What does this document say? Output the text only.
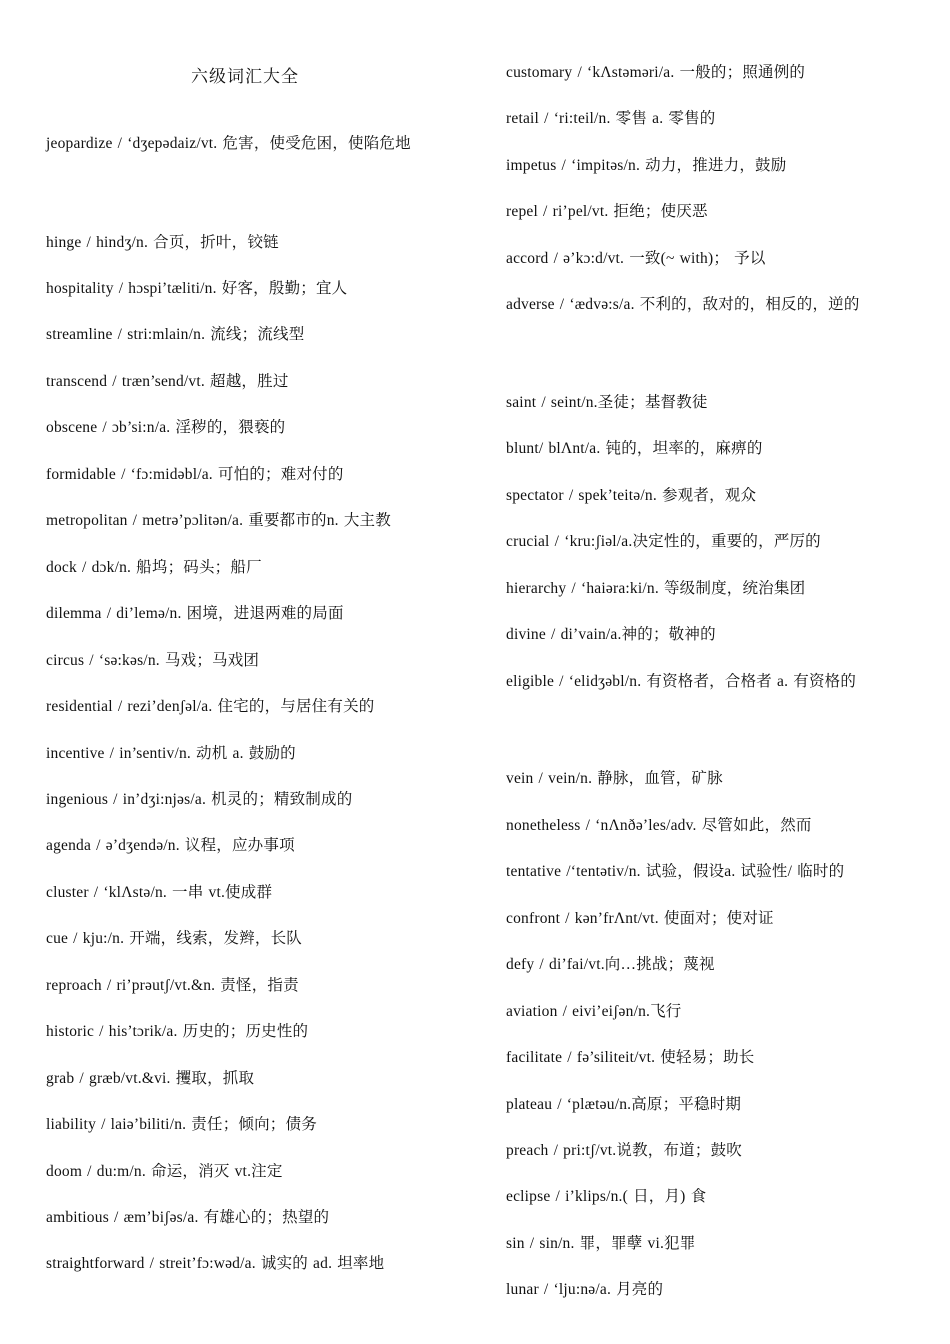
六级词汇大全
jeopardize / ‘dʒepədaiz/vt. 危害，使受危困，使陷危地
hinge / hindʒ/n. 合页，折叶，铰链
hospitality / hɔspi’tæliti/n. 好客，殷勤；宜人
streamline / stri:mlain/n. 流线；流线型
transcend / træn’send/vt. 超越，胜过
obscene / ɔb’si:n/a. 淫秽的，猥亵的
formidable / ‘fɔ:midəbl/a. 可怕的；难对付的
metropolitan / metrə’pɔlitən/a. 重要都市的n. 大主教
dock / dɔk/n. 船坞；码头；船厂
dilemma / di’lemə/n. 困境，进退两难的局面
circus / ‘sə:kəs/n. 马戏；马戏团
residential / rezi’denʃəl/a. 住宅的，与居住有关的
incentive / in’sentiv/n. 动机 a. 鼓励的
ingenious / in’dʒi:njəs/a. 机灵的；精致制成的
agenda / ə’dʒendə/n. 议程，应办事项
cluster / ‘klΛstə/n. 一串 vt.使成群
cue / kju:/n. 开端，线索，发辫，长队
reproach / ri’prəutʃ/vt.&n. 责怪，指责
historic / his’tɔrik/a. 历史的；历史性的
grab / græb/vt.&vi. 攫取，抓取
liability / laiə’biliti/n. 责任；倾向；债务
doom / du:m/n. 命运，消灭 vt.注定
ambitious / æm’biʃəs/a. 有雄心的；热望的
straightforward / streit’fɔ:wəd/a. 诚实的 ad. 坦率地
customary / ‘kΛstəməri/a. 一般的；照通例的
retail / ‘ri:teil/n. 零售 a. 零售的
impetus / ‘impitəs/n. 动力，推进力，鼓励
repel / ri’pel/vt. 拒绝；使厌恶
accord / ə’kɔ:d/vt. 一致(~ with)； 予以
adverse / ‘ædvə:s/a. 不利的，敌对的，相反的，逆的
saint / seint/n.圣徒；基督教徒
blunt/ blΛnt/a. 钝的，坦率的，麻痹的
spectator / spek’teitə/n. 参观者，观众
crucial / ‘kru:ʃiəl/a.决定性的，重要的，严厉的
hierarchy / ‘haiəra:ki/n. 等级制度，统治集团
divine / di’vain/a.神的；敬神的
eligible / ‘elidʒəbl/n. 有资格者，合格者 a. 有资格的
vein / vein/n. 静脉，血管，矿脉
nonetheless / ‘nΛnðə’les/adv. 尽管如此，然而
tentative /‘tentətiv/n. 试验，假设a. 试验性/ 临时的
confront / kən’frΛnt/vt. 使面对；使对证
defy / di’fai/vt.向…挑战；蔑视
aviation / eivi’eiʃən/n.飞行
facilitate / fə’siliteit/vt. 使轻易；助长
plateau / ‘plætəu/n.高原；平稳时期
preach / pri:tʃ/vt.说教，布道；鼓吹
eclipse / i’klips/n.( 日，月) 食
sin / sin/n. 罪，罪孽 vi.犯罪
lunar / ‘lju:nə/a. 月亮的
